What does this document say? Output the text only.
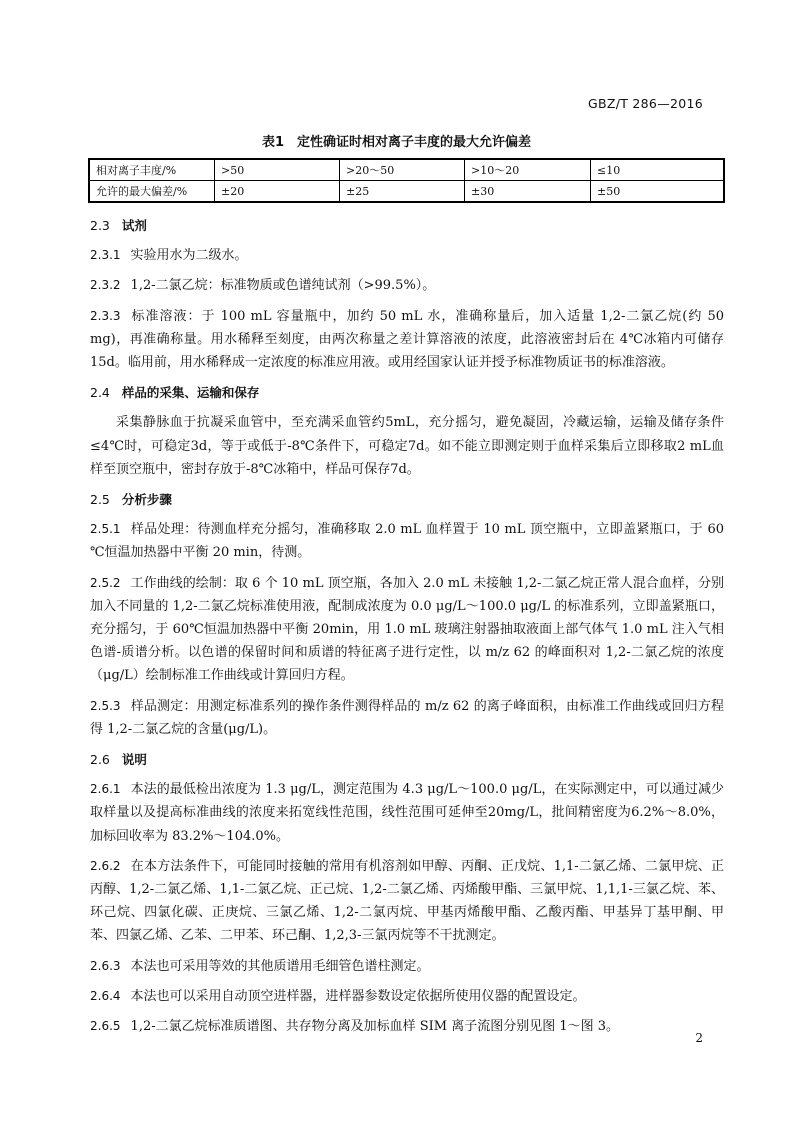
GBZ/T 286—2016
表1　定性确证时相对离子丰度的最大允许偏差
相对离子丰度/%	>50	>20～50	>10～20	≤10
允许的最大偏差/%	±20	±25	±30	±50
2.3 试剂
2.3.1 实验用水为二级水。
2.3.2 1,2-二氯乙烷：标准物质或色谱纯试剂（>99.5%）。
2.3.3 标准溶液：于 100 mL 容量瓶中，加约 50 mL 水，准确称量后，加入适量 1,2-二氯乙烷(约 50 mg)，再准确称量。用水稀释至刻度，由两次称量之差计算溶液的浓度，此溶液密封后在 4℃冰箱内可储存 15d。临用前，用水稀释成一定浓度的标准应用液。或用经国家认证并授予标准物质证书的标准溶液。
2.4 样品的采集、运输和保存
采集静脉血于抗凝采血管中，至充满采血管约5mL，充分摇匀，避免凝固，冷藏运输，运输及储存条件≤4℃时，可稳定3d，等于或低于-8℃条件下，可稳定7d。如不能立即测定则于血样采集后立即移取2 mL血样至顶空瓶中，密封存放于-8℃冰箱中，样品可保存7d。
2.5 分析步骤
2.5.1 样品处理：待测血样充分摇匀，准确移取 2.0 mL 血样置于 10 mL 顶空瓶中，立即盖紧瓶口，于 60 ℃恒温加热器中平衡 20 min，待测。
2.5.2 工作曲线的绘制：取 6 个 10 mL 顶空瓶，各加入 2.0 mL 未接触 1,2-二氯乙烷正常人混合血样，分别加入不同量的 1,2-二氯乙烷标准使用液，配制成浓度为 0.0 μg/L～100.0 μg/L 的标准系列，立即盖紧瓶口，充分摇匀，于 60℃恒温加热器中平衡 20min，用 1.0 mL 玻璃注射器抽取液面上部气体气 1.0 mL 注入气相色谱-质谱分析。以色谱的保留时间和质谱的特征离子进行定性，以 m/z 62 的峰面积对 1,2-二氯乙烷的浓度（μg/L）绘制标准工作曲线或计算回归方程。
2.5.3 样品测定：用测定标准系列的操作条件测得样品的 m/z 62 的离子峰面积，由标准工作曲线或回归方程得 1,2-二氯乙烷的含量(μg/L)。
2.6 说明
2.6.1 本法的最低检出浓度为 1.3 μg/L，测定范围为 4.3 μg/L～100.0 μg/L，在实际测定中，可以通过减少取样量以及提高标准曲线的浓度来拓宽线性范围，线性范围可延伸至20mg/L，批间精密度为6.2%～8.0%，加标回收率为 83.2%～104.0%。
2.6.2 在本方法条件下，可能同时接触的常用有机溶剂如甲醇、丙酮、正戊烷、1,1-二氯乙烯、二氯甲烷、正丙醇、1,2-二氯乙烯、1,1-二氯乙烷、正己烷、1,2-二氯乙烯、丙烯酸甲酯、三氯甲烷、1,1,1-三氯乙烷、苯、环己烷、四氯化碳、正庚烷、三氯乙烯、1,2-二氯丙烷、甲基丙烯酸甲酯、乙酸丙酯、甲基异丁基甲酮、甲苯、四氯乙烯、乙苯、二甲苯、环己酮、1,2,3-三氯丙烷等不干扰测定。
2.6.3 本法也可采用等效的其他质谱用毛细管色谱柱测定。
2.6.4 本法也可以采用自动顶空进样器，进样器参数设定依据所使用仪器的配置设定。
2.6.5 1,2-二氯乙烷标准质谱图、共存物分离及加标血样 SIM 离子流图分别见图 1～图 3。
2
